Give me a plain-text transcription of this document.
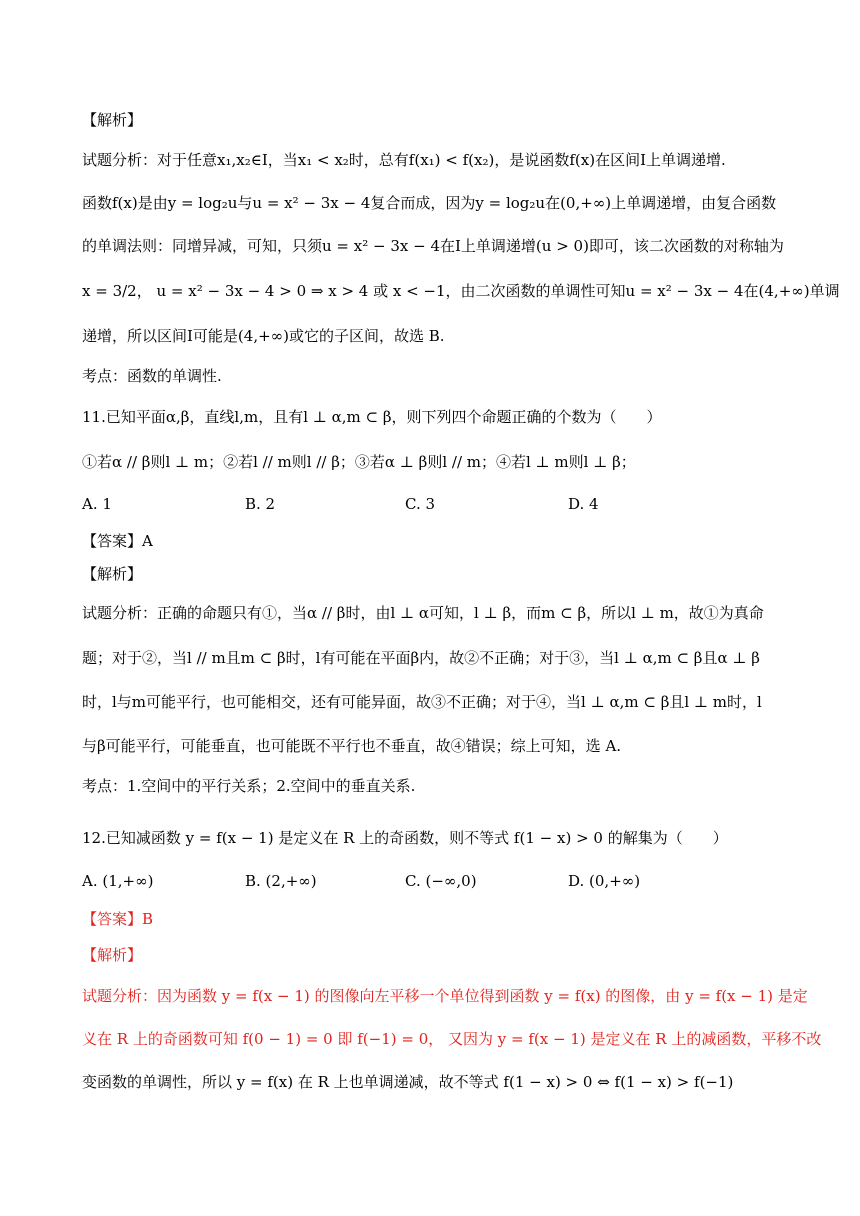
【解析】
试题分析：对于任意x₁,x₂∈I，当x₁ < x₂时，总有f(x₁) < f(x₂)，是说函数f(x)在区间I上单调递增.
函数f(x)是由y = log₂u与u = x² − 3x − 4复合而成，因为y = log₂u在(0,+∞)上单调递增，由复合函数
的单调法则：同增异减，可知，只须u = x² − 3x − 4在I上单调递增(u > 0)即可，该二次函数的对称轴为
x = 3/2， u = x² − 3x − 4 > 0 ⇒ x > 4 或 x < −1，由二次函数的单调性可知u = x² − 3x − 4在(4,+∞)单调
递增，所以区间I可能是(4,+∞)或它的子区间，故选 B.
考点：函数的单调性.
11.已知平面α,β，直线l,m，且有l ⊥ α,m ⊂ β，则下列四个命题正确的个数为（　　）
①若α // β则l ⊥ m；②若l // m则l // β；③若α ⊥ β则l // m；④若l ⊥ m则l ⊥ β；
A. 1	B. 2	C. 3	D. 4
【答案】A
【解析】
试题分析：正确的命题只有①，当α // β时，由l ⊥ α可知，l ⊥ β，而m ⊂ β，所以l ⊥ m，故①为真命
题；对于②，当l // m且m ⊂ β时，l有可能在平面β内，故②不正确；对于③，当l ⊥ α,m ⊂ β且α ⊥ β
时，l与m可能平行，也可能相交，还有可能异面，故③不正确；对于④，当l ⊥ α,m ⊂ β且l ⊥ m时，l
与β可能平行，可能垂直，也可能既不平行也不垂直，故④错误；综上可知，选 A.
考点：1.空间中的平行关系；2.空间中的垂直关系.
12.已知减函数 y = f(x − 1) 是定义在 R 上的奇函数，则不等式 f(1 − x) > 0 的解集为（　　）
A. (1,+∞)	B. (2,+∞)	C. (−∞,0)	D. (0,+∞)
【答案】B
【解析】
试题分析：因为函数 y = f(x − 1) 的图像向左平移一个单位得到函数 y = f(x) 的图像，由 y = f(x − 1) 是定
义在 R 上的奇函数可知 f(0 − 1) = 0 即 f(−1) = 0， 又因为 y = f(x − 1) 是定义在 R 上的减函数，平移不改
变函数的单调性，所以 y = f(x) 在 R 上也单调递减，故不等式 f(1 − x) > 0 ⇔ f(1 − x) > f(−1)
